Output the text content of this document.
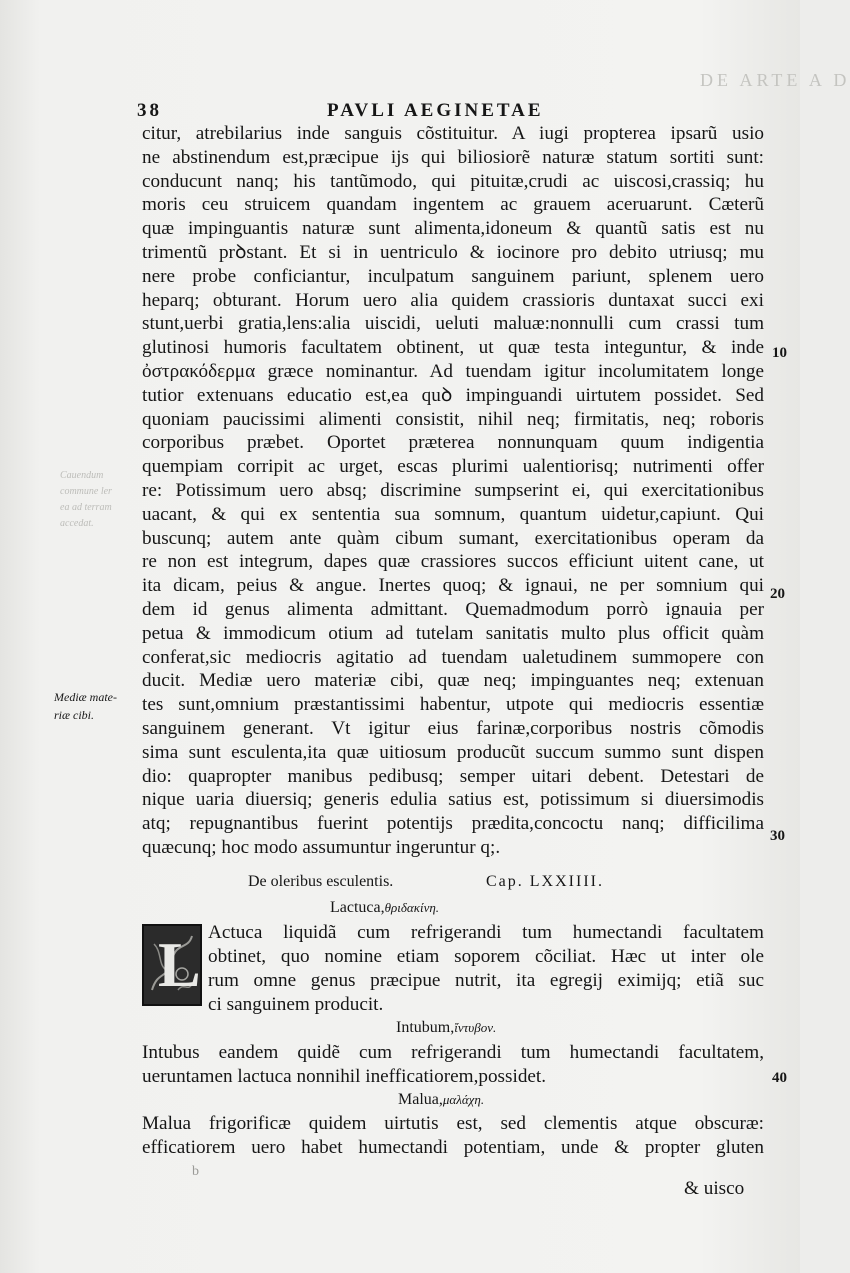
DE ARTE A D
38	PAVLI AEGINETAE
citur, atrebilarius inde sanguis cõstituitur. A iugi propterea ipsarũ usio
ne abstinendum est,præcipue ĳs qui biliosiorẽ naturæ statum sortiti sunt:
conducunt nanq; his tantũmodo, qui pituitæ,crudi ac uiscosi,crassiq; hu
moris ceu struicem quandam ingentem ac grauem aceruarunt. Cæterũ
quæ impinguantis naturæ sunt alimenta,idoneum & quantũ satis est nu
trimentũ prꝺstant. Et si in uentriculo & iocinore pro debito utriusq; mu
nere probe conficiantur, inculpatum sanguinem pariunt, splenem uero
heparq; obturant. Horum uero alia quidem crassioris duntaxat succi exi
stunt,uerbi gratia,lens:alia uiscidi, ueluti maluæ:nonnulli cum crassi tum
glutinosi humoris facultatem obtinent, ut quæ testa integuntur, & inde
ὀστρακόδερμα græce nominantur. Ad tuendam igitur incolumitatem longe
tutior extenuans educatio est,ea quꝺ impinguandi uirtutem possidet. Sed
quoniam paucissimi alimenti consistit, nihil neq; firmitatis, neq; roboris
corporibus præbet. Oportet præterea nonnunquam quum indigentia
quempiam corripit ac urget, escas plurimi ualentiorisq; nutrimenti offer
re: Potissimum uero absq; discrimine sumpserint ei, qui exercitationibus
uacant, & qui ex sententia sua somnum, quantum uidetur,capiunt. Qui
buscunq; autem ante quàm cibum sumant, exercitationibus operam da
re non est integrum, dapes quæ crassiores succos efficiunt uitent cane, ut
ita dicam, peius & angue. Inertes quoq; & ignaui, ne per somnium qui
dem id genus alimenta admittant. Quemadmodum porrò ignauia per
petua & immodicum otium ad tutelam sanitatis multo plus officit quàm
conferat,sic mediocris agitatio ad tuendam ualetudinem summopere con
ducit. Mediæ uero materiæ cibi, quæ neq; impinguantes neq; extenuan
tes sunt,omnium præstantissimi habentur, utpote qui mediocris essentiæ
sanguinem generant. Vt igitur eius farinæ,corporibus nostris cõmodis
sima sunt esculenta,ita quæ uitiosum producũt succum summo sunt dispen
dio: quapropter manibus pedibusq; semper uitari debent. Detestari de
nique uaria diuersiq; generis edulia satius est, potissimum si diuersimodis
atq; repugnantibus fuerint potentĳs prædita,concoctu nanq; difficilima
quæcunq; hoc modo assumuntur ingeruntur q;.
Cauendum
commune ler
ea ad terram
accedat.
Mediæ mate-
riæ cibi.
10
20
30
40
De oleribus esculentis.	Cap. LXXIIII.
Lactuca,θριδακίνη.
L Actuca liquidã cum refrigerandi tum humectandi facultatem
obtinet, quo nomine etiam soporem cõciliat. Hæc ut inter ole
rum omne genus præcipue nutrit, ita egregĳ eximĳq; etiã suc
ci sanguinem producit.
Intubum,ἴντυβον.
Intubus eandem quidẽ cum refrigerandi tum humectandi facultatem,
ueruntamen lactuca nonnihil inefficatiorem,possidet.
Malua,μαλάχη.
Malua frigorificæ quidem uirtutis est, sed clementis atque obscuræ:
efficatiorem uero habet humectandi potentiam, unde & propter gluten
b
& uisco
